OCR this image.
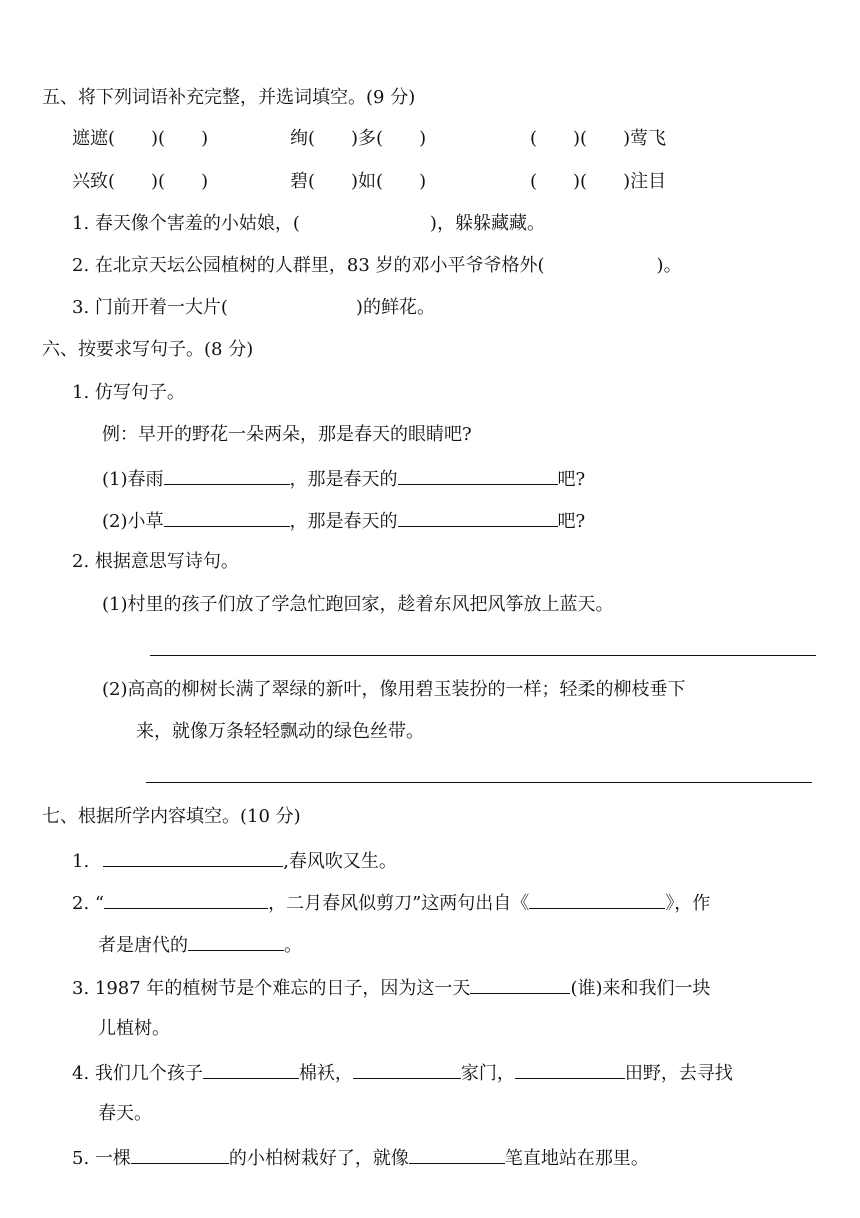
五、将下列词语补充完整，并选词填空。(9 分)
遮遮(　　)(　　)	绚(　　)多(　　)	(　　)(　　)莺飞
兴致(　　)(　　)	碧(　　)如(　　)	(　　)(　　)注目
1. 春天像个害羞的小姑娘，(	)，躲躲藏藏。
2. 在北京天坛公园植树的人群里，83 岁的邓小平爷爷格外(	)。
3. 门前开着一大片(	)的鲜花。
六、按要求写句子。(8 分)
1. 仿写句子。
例：早开的野花一朵两朵，那是春天的眼睛吧?
(1)春雨	，那是春天的	吧?
(2)小草	，那是春天的	吧?
2. 根据意思写诗句。
(1)村里的孩子们放了学急忙跑回家，趁着东风把风筝放上蓝天。
(2)高高的柳树长满了翠绿的新叶，像用碧玉装扮的一样；轻柔的柳枝垂下
来，就像万条轻轻飘动的绿色丝带。
七、根据所学内容填空。(10 分)
1.	,春风吹又生。
2. “	，二月春风似剪刀”这两句出自《	》，作
者是唐代的	。
3. 1987 年的植树节是个难忘的日子，因为这一天	(谁)来和我们一块
儿植树。
4. 我们几个孩子	棉袄，	家门，	田野，去寻找
春天。
5. 一棵	的小柏树栽好了，就像	笔直地站在那里。
